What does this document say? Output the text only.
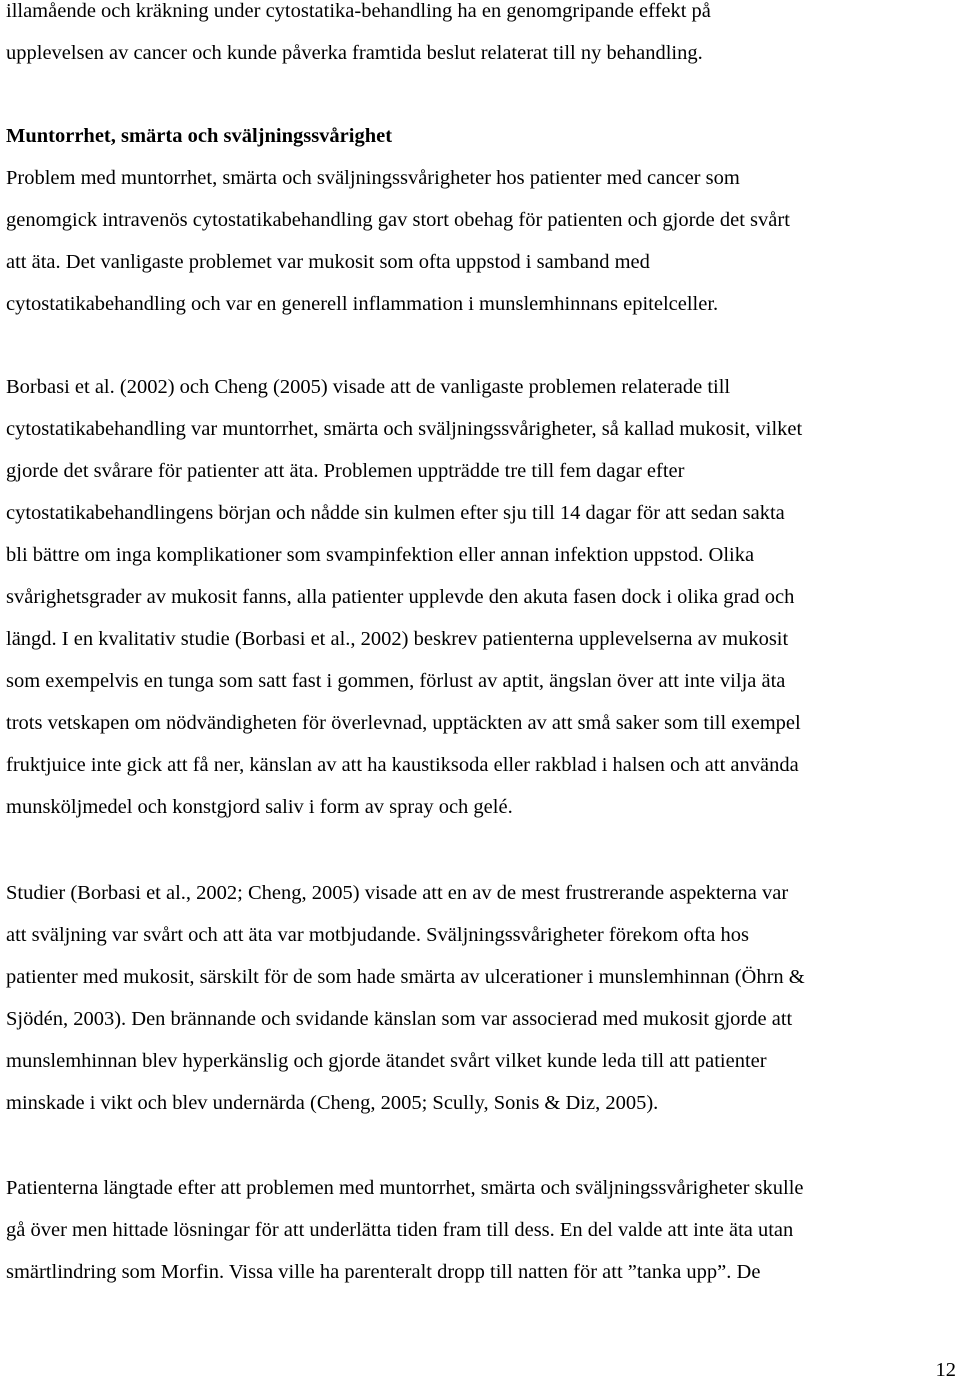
illamående och kräkning under cytostatika-behandling ha en genomgripande effekt på
upplevelsen av cancer och kunde påverka framtida beslut relaterat till ny behandling.
Muntorrhet, smärta och sväljningssvårighet
Problem med muntorrhet, smärta och sväljningssvårigheter hos patienter med cancer som
genomgick intravenös cytostatikabehandling gav stort obehag för patienten och gjorde det svårt
att äta. Det vanligaste problemet var mukosit som ofta uppstod i samband med
cytostatikabehandling och var en generell inflammation i munslemhinnans epitelceller.
Borbasi et al. (2002) och Cheng (2005) visade att de vanligaste problemen relaterade till
cytostatikabehandling var muntorrhet, smärta och sväljningssvårigheter, så kallad mukosit, vilket
gjorde det svårare för patienter att äta. Problemen uppträdde tre till fem dagar efter
cytostatikabehandlingens början och nådde sin kulmen efter sju till 14 dagar för att sedan sakta
bli bättre om inga komplikationer som svampinfektion eller annan infektion uppstod. Olika
svårighetsgrader av mukosit fanns, alla patienter upplevde den akuta fasen dock i olika grad och
längd. I en kvalitativ studie (Borbasi et al., 2002) beskrev patienterna upplevelserna av mukosit
som exempelvis en tunga som satt fast i gommen, förlust av aptit, ängslan över att inte vilja äta
trots vetskapen om nödvändigheten för överlevnad, upptäckten av att små saker som till exempel
fruktjuice inte gick att få ner, känslan av att ha kaustiksoda eller rakblad i halsen och att använda
munsköljmedel och konstgjord saliv i form av spray och gelé.
Studier (Borbasi et al., 2002; Cheng, 2005) visade att en av de mest frustrerande aspekterna var
att sväljning var svårt och att äta var motbjudande. Sväljningssvårigheter förekom ofta hos
patienter med mukosit, särskilt för de som hade smärta av ulcerationer i munslemhinnan (Öhrn &
Sjödén, 2003). Den brännande och svidande känslan som var associerad med mukosit gjorde att
munslemhinnan blev hyperkänslig och gjorde ätandet svårt vilket kunde leda till att patienter
minskade i vikt och blev undernärda (Cheng, 2005; Scully, Sonis & Diz, 2005).
Patienterna längtade efter att problemen med muntorrhet, smärta och sväljningssvårigheter skulle
gå över men hittade lösningar för att underlätta tiden fram till dess. En del valde att inte äta utan
smärtlindring som Morfin. Vissa ville ha parenteralt dropp till natten för att ”tanka upp”. De
12
